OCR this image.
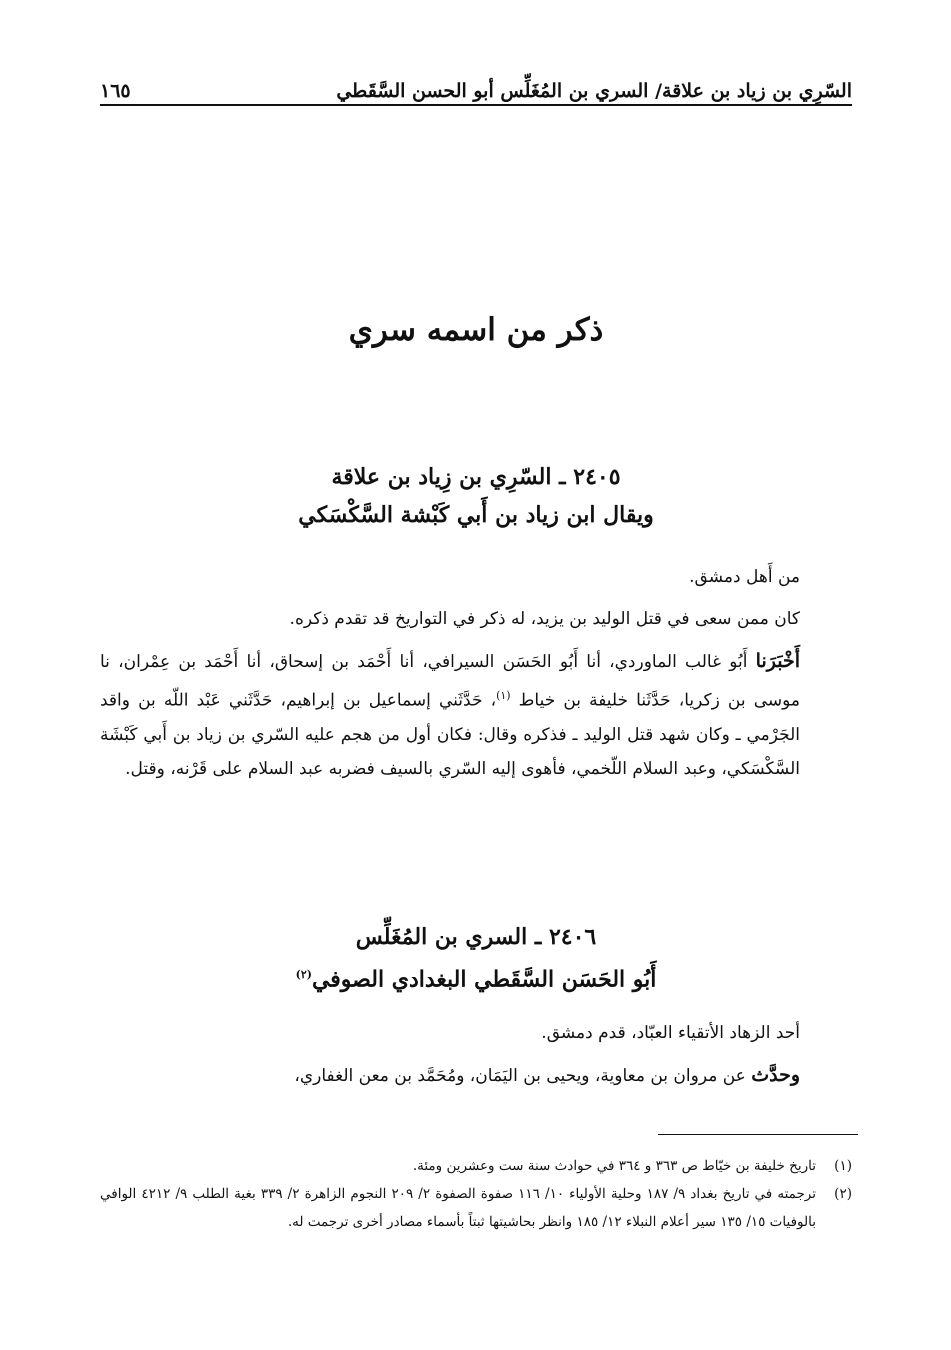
السّرِي بن زياد بن علاقة/ السري بن المُغَلِّس أبو الحسن السَّقَطي
١٦٥
ذكر من اسمه سري
٢٤٠٥ ـ السّرِي بن زِياد بن علاقة
ويقال ابن زياد بن أَبي كَبْشة السَّكْسَكي

من أَهل دمشق.

كان ممن سعى في قتل الوليد بن يزيد، له ذكر في التواريخ قد تقدم ذكره.

أَخْبَرَنا أَبُو غالب الماوردي، أنا أَبُو الحَسَن السيرافي، أنا أَحْمَد بن إسحاق، أنا أَحْمَد بن عِمْران، نا موسى بن زكريا، حَدَّثَنا خليفة بن خياط $^{(١)}$، حَدَّثَني إسماعيل بن إبراهيم، حَدَّثَني عَبْد اللّه بن واقد الجَرْمي ـ وكان شهد قتل الوليد ـ فذكره وقال: فكان أول من هجم عليه السّري بن زياد بن أَبي كَبْشَة السَّكْسَكي، وعبد السلام اللّخمي، فأهوى إليه السّري بالسيف فضربه عبد السلام على قَرْنه، وقتل.

٢٤٠٦ ـ السري بن المُغَلِّس
أَبُو الحَسَن السَّقَطي البغدادي الصوفي$^{(٢)}$

أحد الزهاد الأتقياء العبّاد، قدم دمشق.

وحدَّث عن مروان بن معاوية، ويحيى بن اليَمَان، ومُحَمَّد بن معن الغفاري،

(١)
تاريخ خليفة بن خيّاط ص ٣٦٣ و ٣٦٤ في حوادث سنة ست وعشرين ومئة.
(٢)
ترجمته في تاريخ بغداد ٩/ ١٨٧ وحلية الأولياء ١٠/ ١١٦ صفوة الصفوة ٢/ ٢٠٩ النجوم الزاهرة ٢/ ٣٣٩ بغية الطلب ٩/ ٤٢١٢ الوافي بالوفيات ١٥/ ١٣٥ سير أعلام النبلاء ١٢/ ١٨٥ وانظر بحاشيتها ثبتاً بأسماء مصادر أخرى ترجمت له.
